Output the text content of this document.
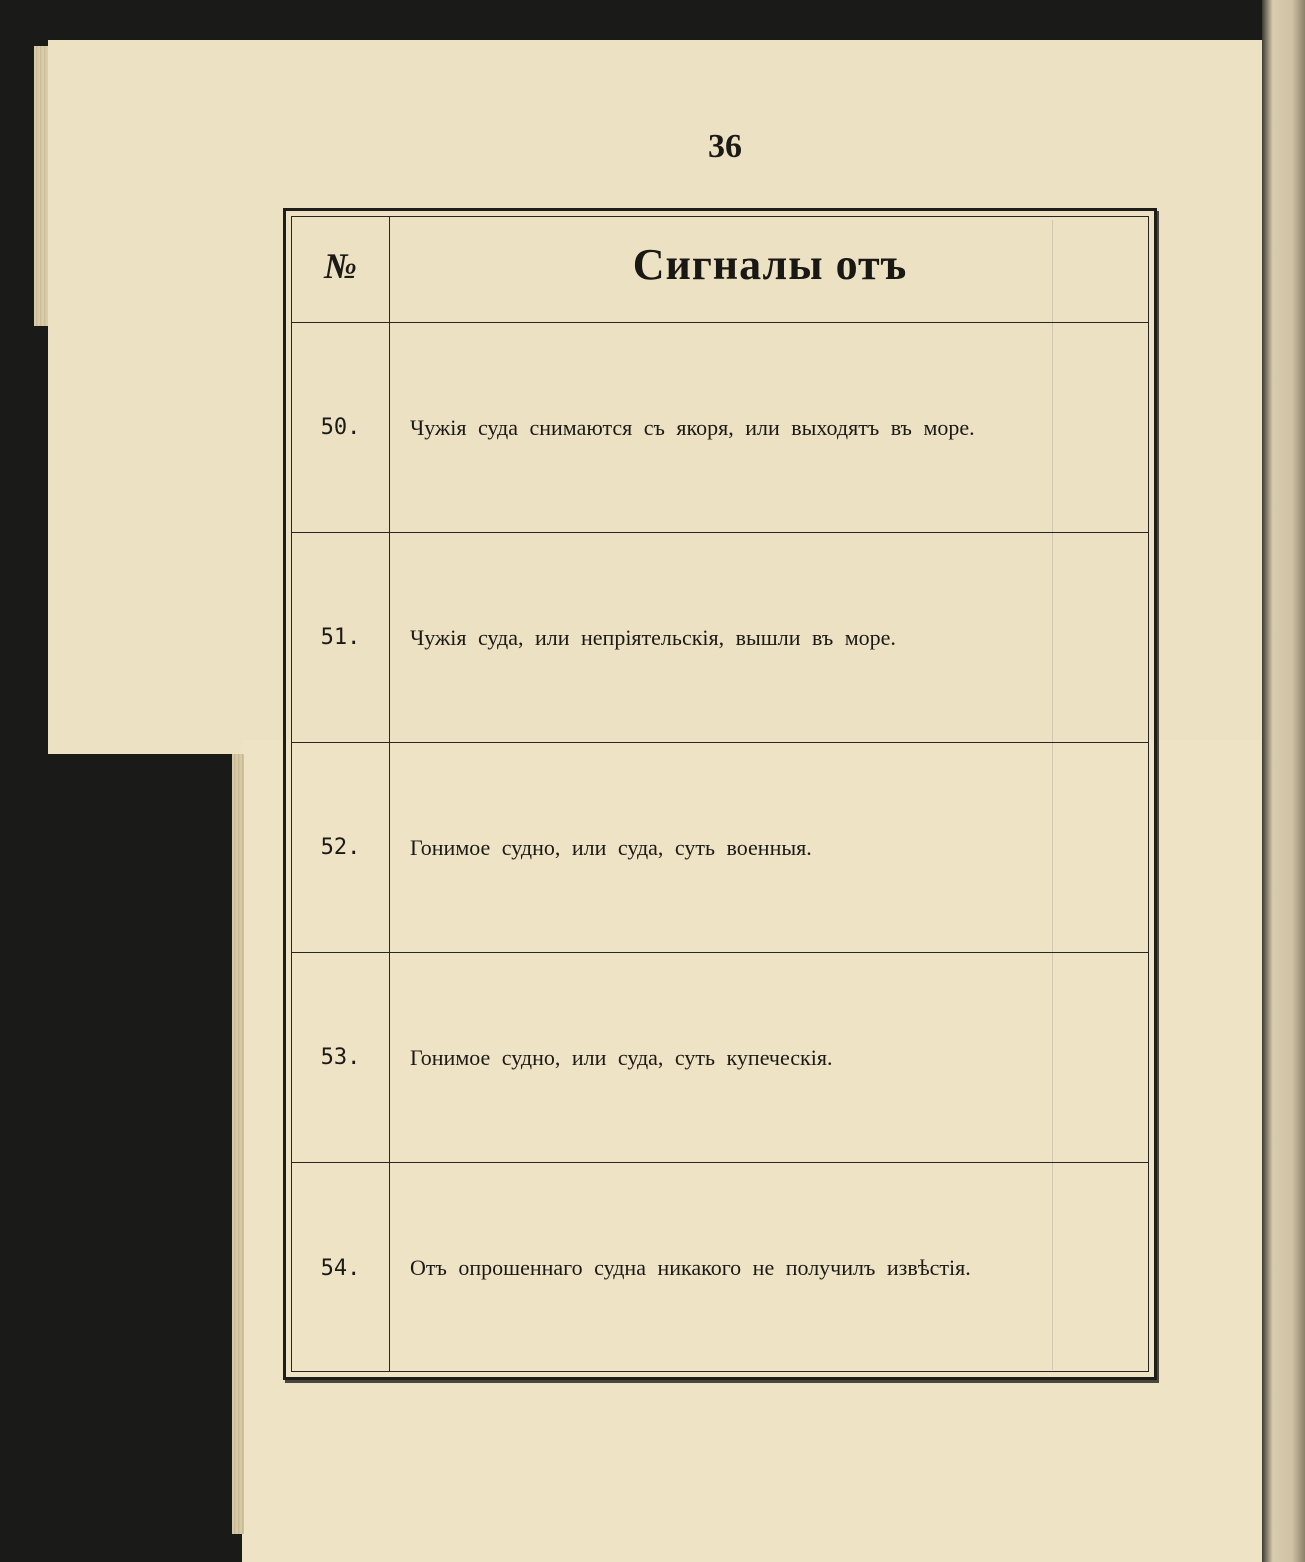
36
№	Сигналы отъ
50.	Чужія суда снимаются съ якоря, или выходятъ въ море.
51.	Чужія суда, или непріятельскія, вышли въ море.
52.	Гонимое судно, или суда, суть военныя.
53.	Гонимое судно, или суда, суть купеческія.
54.	Отъ опрошеннаго судна никакого не получилъ извѣстія.
